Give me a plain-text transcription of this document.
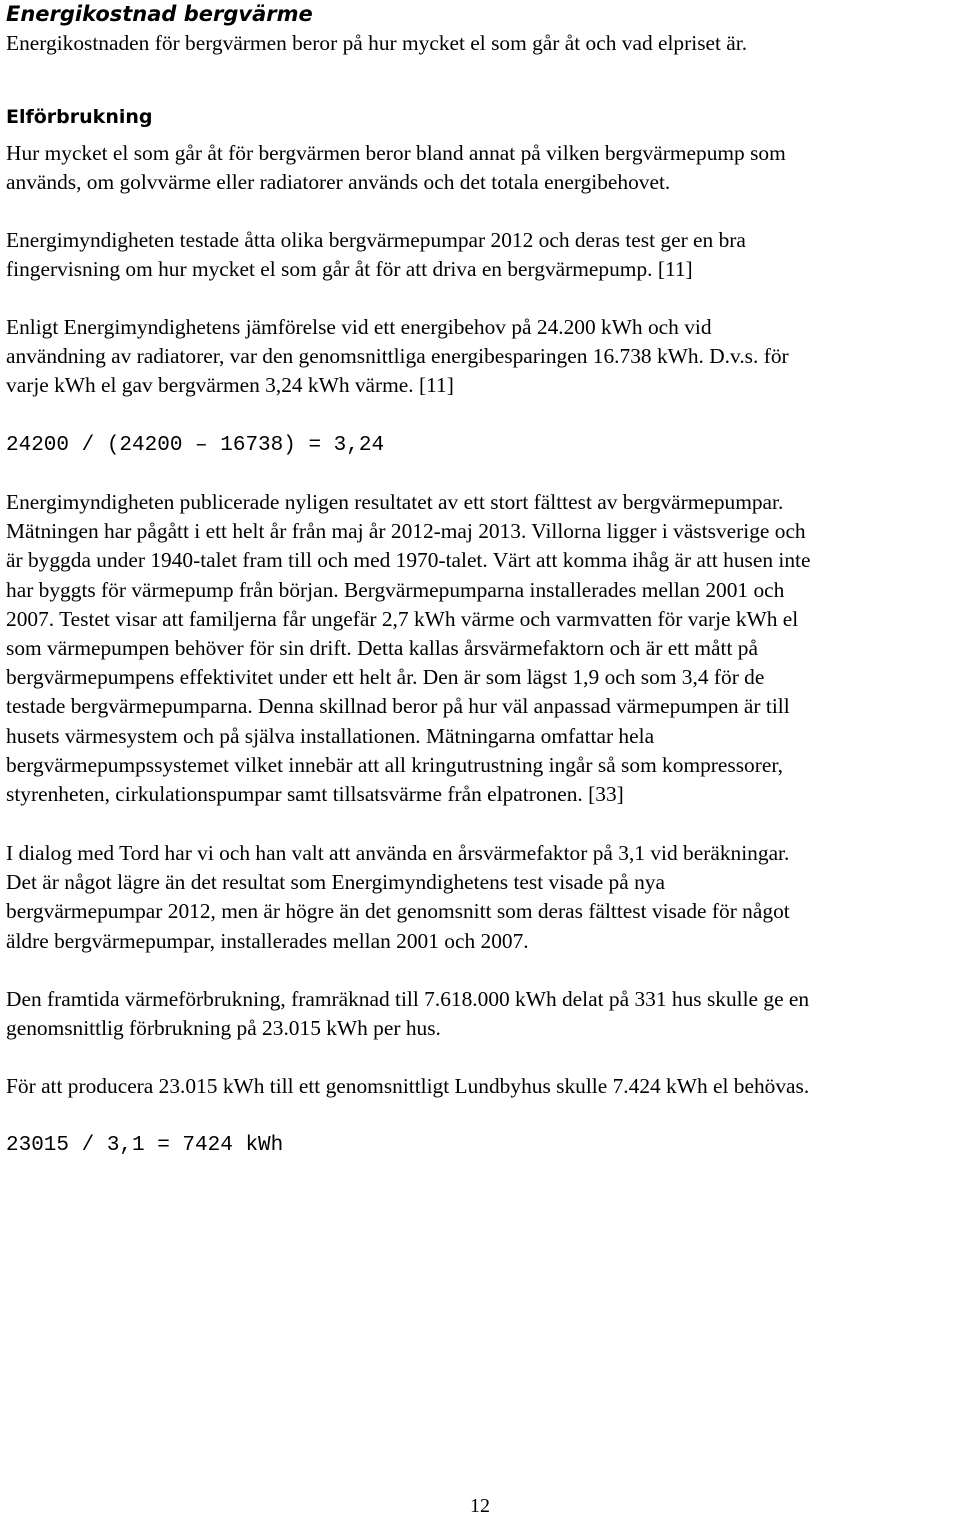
Energikostnad bergvärme
Energikostnaden för bergvärmen beror på hur mycket el som går åt och vad elpriset är.
Elförbrukning
Hur mycket el som går åt för bergvärmen beror bland annat på vilken bergvärmepump som
används, om golvvärme eller radiatorer används och det totala energibehovet.
Energimyndigheten testade åtta olika bergvärmepumpar 2012 och deras test ger en bra
fingervisning om hur mycket el som går åt för att driva en bergvärmepump. [11]
Enligt Energimyndighetens jämförelse vid ett energibehov på 24.200 kWh och vid
användning av radiatorer, var den genomsnittliga energibesparingen 16.738 kWh. D.v.s. för
varje kWh el gav bergvärmen 3,24 kWh värme. [11]
24200 / (24200 – 16738) = 3,24
Energimyndigheten publicerade nyligen resultatet av ett stort fälttest av bergvärmepumpar.
Mätningen har pågått i ett helt år från maj år 2012-maj 2013. Villorna ligger i västsverige och
är byggda under 1940-talet fram till och med 1970-talet. Värt att komma ihåg är att husen inte
har byggts för värmepump från början. Bergvärmepumparna installerades mellan 2001 och
2007. Testet visar att familjerna får ungefär 2,7 kWh värme och varmvatten för varje kWh el
som värmepumpen behöver för sin drift. Detta kallas årsvärmefaktorn och är ett mått på
bergvärmepumpens effektivitet under ett helt år. Den är som lägst 1,9 och som 3,4 för de
testade bergvärmepumparna. Denna skillnad beror på hur väl anpassad värmepumpen är till
husets värmesystem och på själva installationen. Mätningarna omfattar hela
bergvärmepumpssystemet vilket innebär att all kringutrustning ingår så som kompressorer,
styrenheten, cirkulationspumpar samt tillsatsvärme från elpatronen. [33]
I dialog med Tord har vi och han valt att använda en årsvärmefaktor på 3,1 vid beräkningar.
Det är något lägre än det resultat som Energimyndighetens test visade på nya
bergvärmepumpar 2012, men är högre än det genomsnitt som deras fälttest visade för något
äldre bergvärmepumpar, installerades mellan 2001 och 2007.
Den framtida värmeförbrukning, framräknad till 7.618.000 kWh delat på 331 hus skulle ge en
genomsnittlig förbrukning på 23.015 kWh per hus.
För att producera 23.015 kWh till ett genomsnittligt Lundbyhus skulle 7.424 kWh el behövas.
23015 / 3,1 = 7424 kWh
12
